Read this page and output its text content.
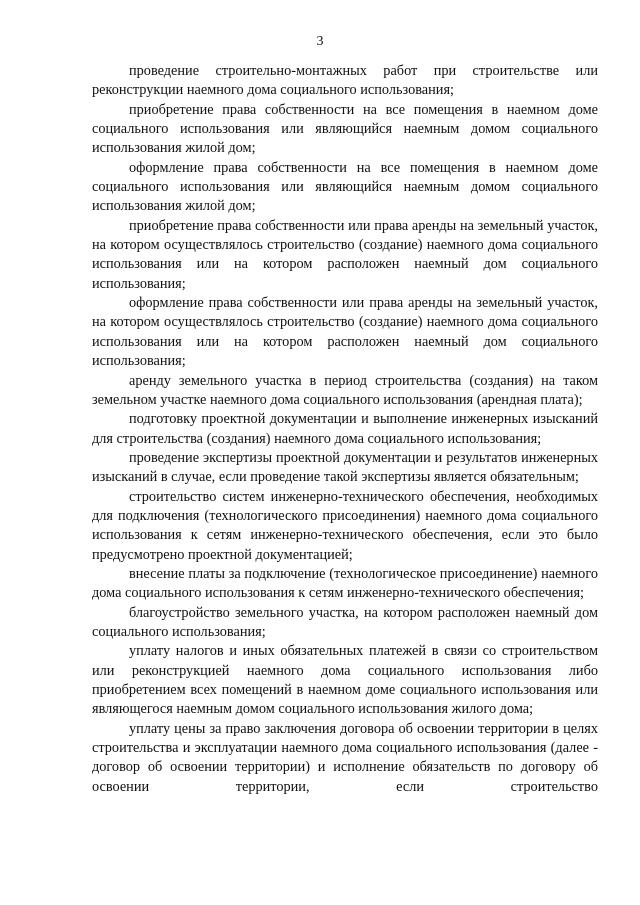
3

проведение строительно-монтажных работ при строительстве или реконструкции наемного дома социального использования;

приобретение права собственности на все помещения в наемном доме социального использования или являющийся наемным домом социального использования жилой дом;

оформление права собственности на все помещения в наемном доме социального использования или являющийся наемным домом социального использования жилой дом;

приобретение права собственности или права аренды на земельный участок, на котором осуществлялось строительство (создание) наемного дома социального использования или на котором расположен наемный дом социального использования;

оформление права собственности или права аренды на земельный участок, на котором осуществлялось строительство (создание) наемного дома социального использования или на котором расположен наемный дом социального использования;

аренду земельного участка в период строительства (создания) на таком земельном участке наемного дома социального использования (арендная плата);

подготовку проектной документации и выполнение инженерных изысканий для строительства (создания) наемного дома социального использования;

проведение экспертизы проектной документации и результатов инженерных изысканий в случае, если проведение такой экспертизы является обязательным;

строительство систем инженерно-технического обеспечения, необходимых для подключения (технологического присоединения) наемного дома социального использования к сетям инженерно-технического обеспечения, если это было предусмотрено проектной документацией;

внесение платы за подключение (технологическое присоединение) наемного дома социального использования к сетям инженерно-технического обеспечения;

благоустройство земельного участка, на котором расположен наемный дом социального использования;

уплату налогов и иных обязательных платежей в связи со строительством или реконструкцией наемного дома социального использования либо приобретением всех помещений в наемном доме социального использования или являющегося наемным домом социального использования жилого дома;

уплату цены за право заключения договора об освоении территории в целях строительства и эксплуатации наемного дома социального использования (далее - договор об освоении территории) и исполнение обязательств по договору об освоении территории, если строительство
